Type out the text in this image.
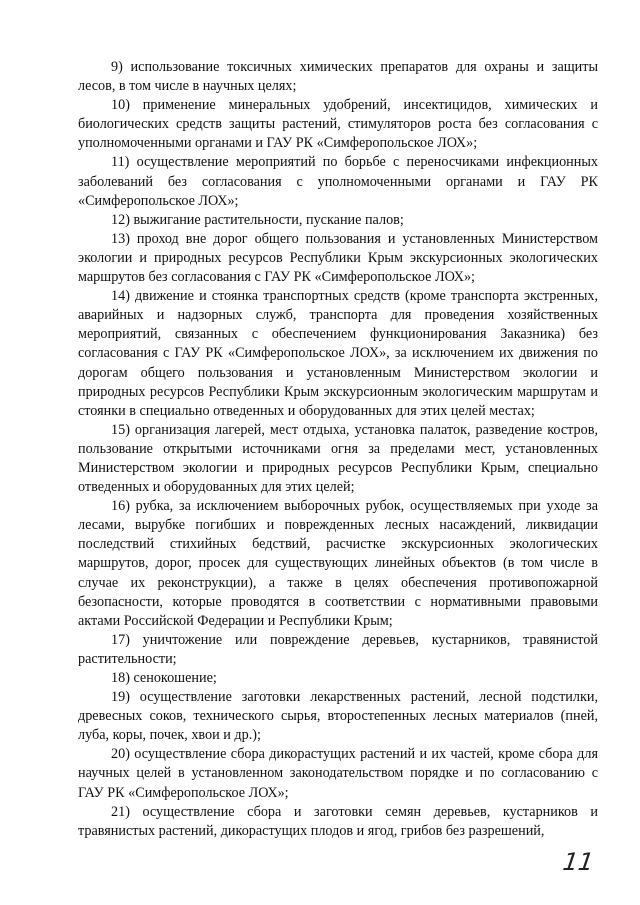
9) использование токсичных химических препаратов для охраны и защиты лесов, в том числе в научных целях;

10) применение минеральных удобрений, инсектицидов, химических и биологических средств защиты растений, стимуляторов роста без согласования с уполномоченными органами и ГАУ РК «Симферопольское ЛОХ»;

11) осуществление мероприятий по борьбе с переносчиками инфекционных заболеваний без согласования с уполномоченными органами и ГАУ РК «Симферопольское ЛОХ»;

12) выжигание растительности, пускание палов;

13) проход вне дорог общего пользования и установленных Министерством экологии и природных ресурсов Республики Крым экскурсионных экологических маршрутов без согласования с ГАУ РК «Симферопольское ЛОХ»;

14) движение и стоянка транспортных средств (кроме транспорта экстренных, аварийных и надзорных служб, транспорта для проведения хозяйственных мероприятий, связанных с обеспечением функционирования Заказника) без согласования с ГАУ РК «Симферопольское ЛОХ», за исключением их движения по дорогам общего пользования и установленным Министерством экологии и природных ресурсов Республики Крым экскурсионным экологическим маршрутам и стоянки в специально отведенных и оборудованных для этих целей местах;

15) организация лагерей, мест отдыха, установка палаток, разведение костров, пользование открытыми источниками огня за пределами мест, установленных Министерством экологии и природных ресурсов Республики Крым, специально отведенных и оборудованных для этих целей;

16) рубка, за исключением выборочных рубок, осуществляемых при уходе за лесами, вырубке погибших и поврежденных лесных насаждений, ликвидации последствий стихийных бедствий, расчистке экскурсионных экологических маршрутов, дорог, просек для существующих линейных объектов (в том числе в случае их реконструкции), а также в целях обеспечения противопожарной безопасности, которые проводятся в соответствии с нормативными правовыми актами Российской Федерации и Республики Крым;

17) уничтожение или повреждение деревьев, кустарников, травянистой растительности;

18) сенокошение;

19) осуществление заготовки лекарственных растений, лесной подстилки, древесных соков, технического сырья, второстепенных лесных материалов (пней, луба, коры, почек, хвои и др.);

20) осуществление сбора дикорастущих растений и их частей, кроме сбора для научных целей в установленном законодательством порядке и по согласованию с ГАУ РК «Симферопольское ЛОХ»;

21) осуществление сбора и заготовки семян деревьев, кустарников и травянистых растений, дикорастущих плодов и ягод, грибов без разрешений,

11
